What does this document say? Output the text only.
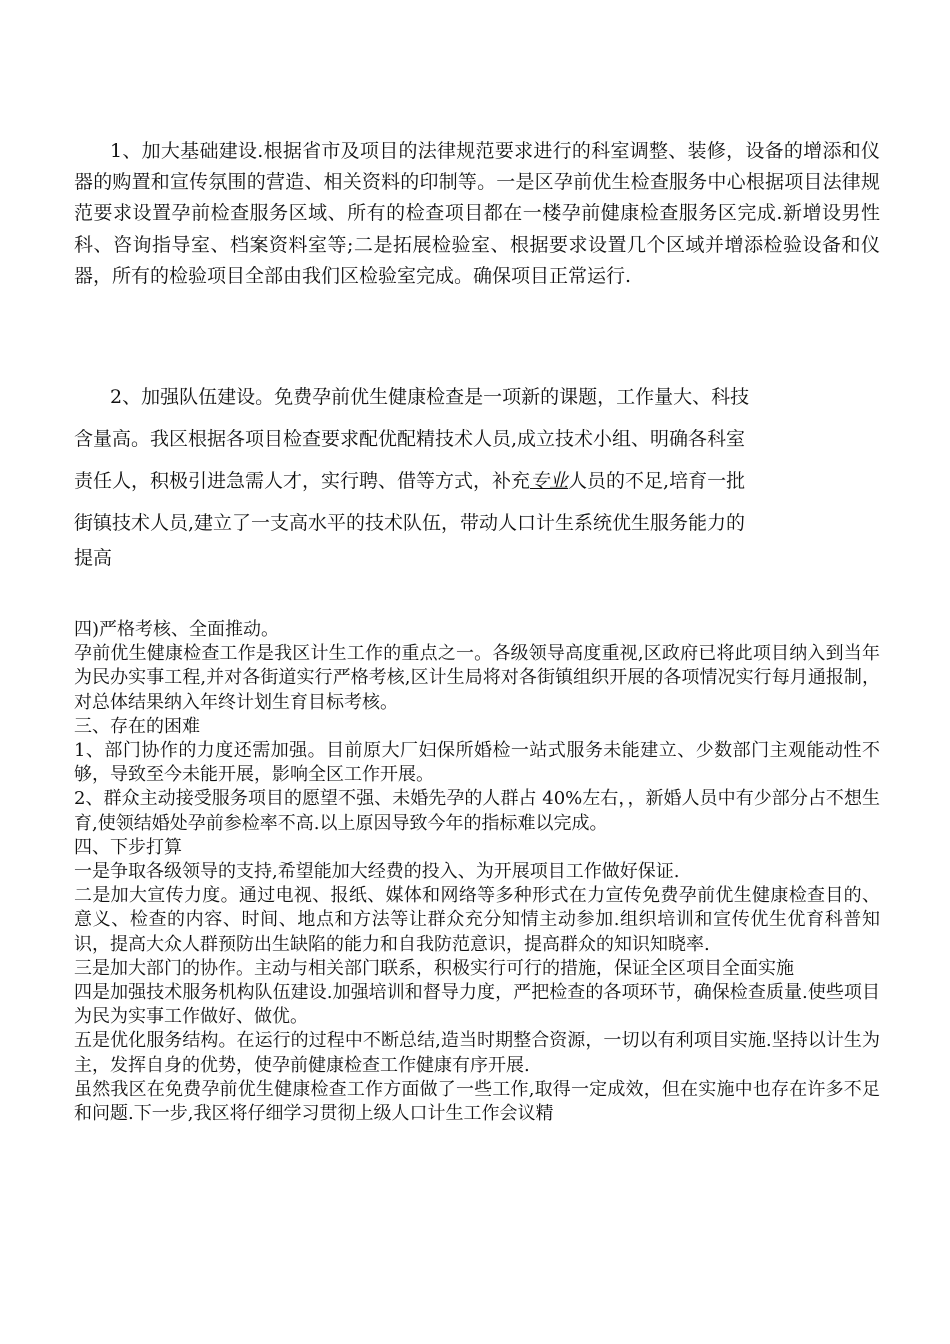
1、加大基础建设.根据省市及项目的法律规范要求进行的科室调整、装修，设备的增添和仪器的购置和宣传氛围的营造、相关资料的印制等。一是区孕前优生检查服务中心根据项目法律规范要求设置孕前检查服务区域、所有的检查项目都在一楼孕前健康检查服务区完成.新增设男性科、咨询指导室、档案资料室等;二是拓展检验室、根据要求设置几个区域并增添检验设备和仪器，所有的检验项目全部由我们区检验室完成。确保项目正常运行.

2、加强队伍建设。免费孕前优生健康检查是一项新的课题，工作量大、科技
含量高。我区根据各项目检查要求配优配精技术人员,成立技术小组、明确各科室
责任人，积极引进急需人才，实行聘、借等方式，补充专业人员的不足,培育一批
街镇技术人员,建立了一支高水平的技术队伍，带动人口计生系统优生服务能力的
提高

四)严格考核、全面推动。

孕前优生健康检查工作是我区计生工作的重点之一。各级领导高度重视,区政府已将此项目纳入到当年为民办实事工程,并对各街道实行严格考核,区计生局将对各街镇组织开展的各项情况实行每月通报制，对总体结果纳入年终计划生育目标考核。

三、存在的困难

1、部门协作的力度还需加强。目前原大厂妇保所婚检一站式服务未能建立、少数部门主观能动性不够，导致至今未能开展，影响全区工作开展。

2、群众主动接受服务项目的愿望不强、未婚先孕的人群占 40%左右，，新婚人员中有少部分占不想生育,使领结婚处孕前参检率不高.以上原因导致今年的指标难以完成。

四、下步打算

一是争取各级领导的支持,希望能加大经费的投入、为开展项目工作做好保证.

二是加大宣传力度。通过电视、报纸、媒体和网络等多种形式在力宣传免费孕前优生健康检查目的、意义、检查的内容、时间、地点和方法等让群众充分知情主动参加.组织培训和宣传优生优育科普知识，提高大众人群预防出生缺陷的能力和自我防范意识，提高群众的知识知晓率.

三是加大部门的协作。主动与相关部门联系，积极实行可行的措施，保证全区项目全面实施

四是加强技术服务机构队伍建设.加强培训和督导力度，严把检查的各项环节，确保检查质量.使些项目为民为实事工作做好、做优。

五是优化服务结构。在运行的过程中不断总结,造当时期整合资源，一切以有利项目实施.坚持以计生为主，发挥自身的优势，使孕前健康检查工作健康有序开展.

虽然我区在免费孕前优生健康检查工作方面做了一些工作,取得一定成效，但在实施中也存在许多不足和问题.下一步,我区将仔细学习贯彻上级人口计生工作会议精
